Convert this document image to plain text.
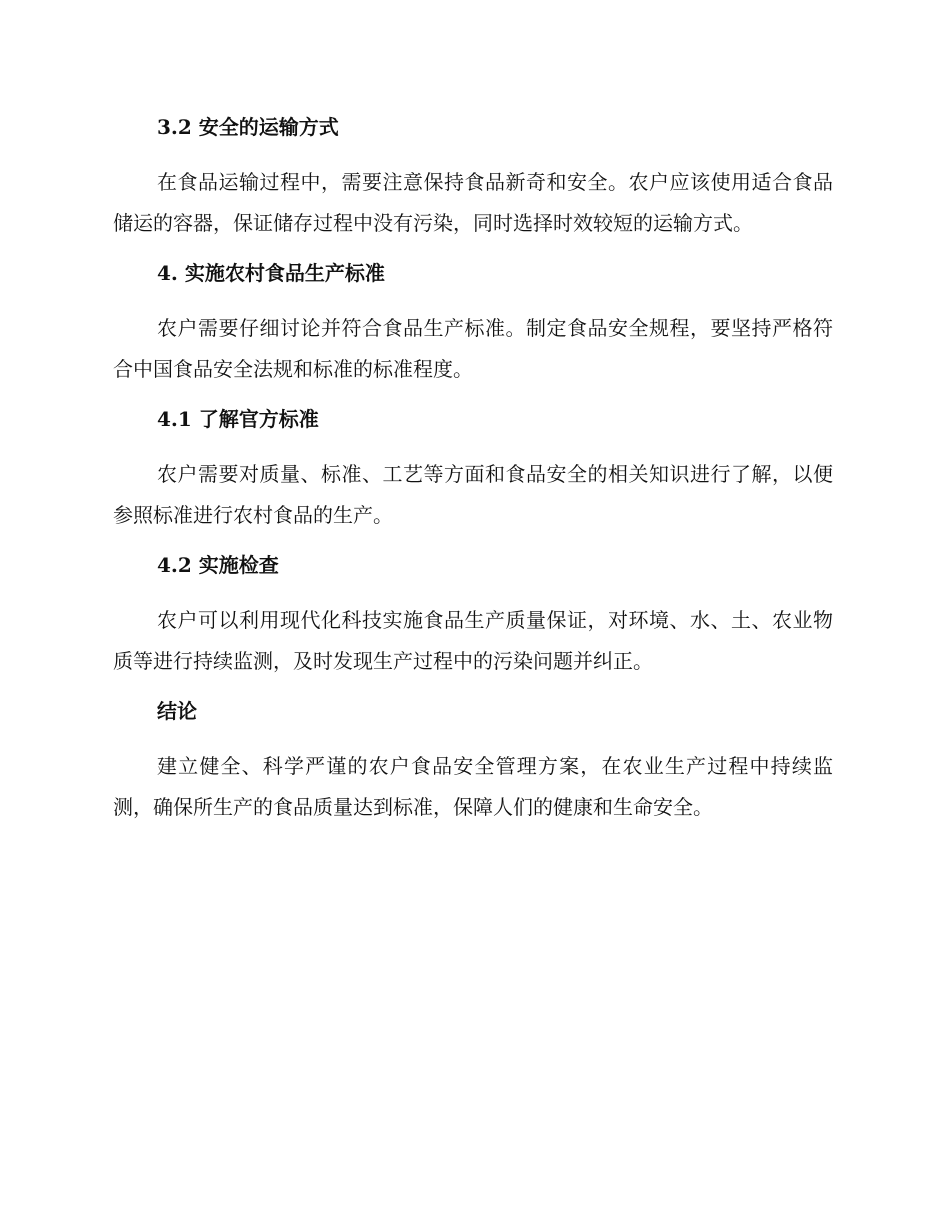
3.2 安全的运输方式
在食品运输过程中，需要注意保持食品新奇和安全。农户应该使用适合食品储运的容器，保证储存过程中没有污染，同时选择时效较短的运输方式。
4. 实施农村食品生产标准
农户需要仔细讨论并符合食品生产标准。制定食品安全规程，要坚持严格符合中国食品安全法规和标准的标准程度。
4.1 了解官方标准
农户需要对质量、标准、工艺等方面和食品安全的相关知识进行了解，以便参照标准进行农村食品的生产。
4.2 实施检查
农户可以利用现代化科技实施食品生产质量保证，对环境、水、土、农业物质等进行持续监测，及时发现生产过程中的污染问题并纠正。
结论
建立健全、科学严谨的农户食品安全管理方案，在农业生产过程中持续监测，确保所生产的食品质量达到标准，保障人们的健康和生命安全。
